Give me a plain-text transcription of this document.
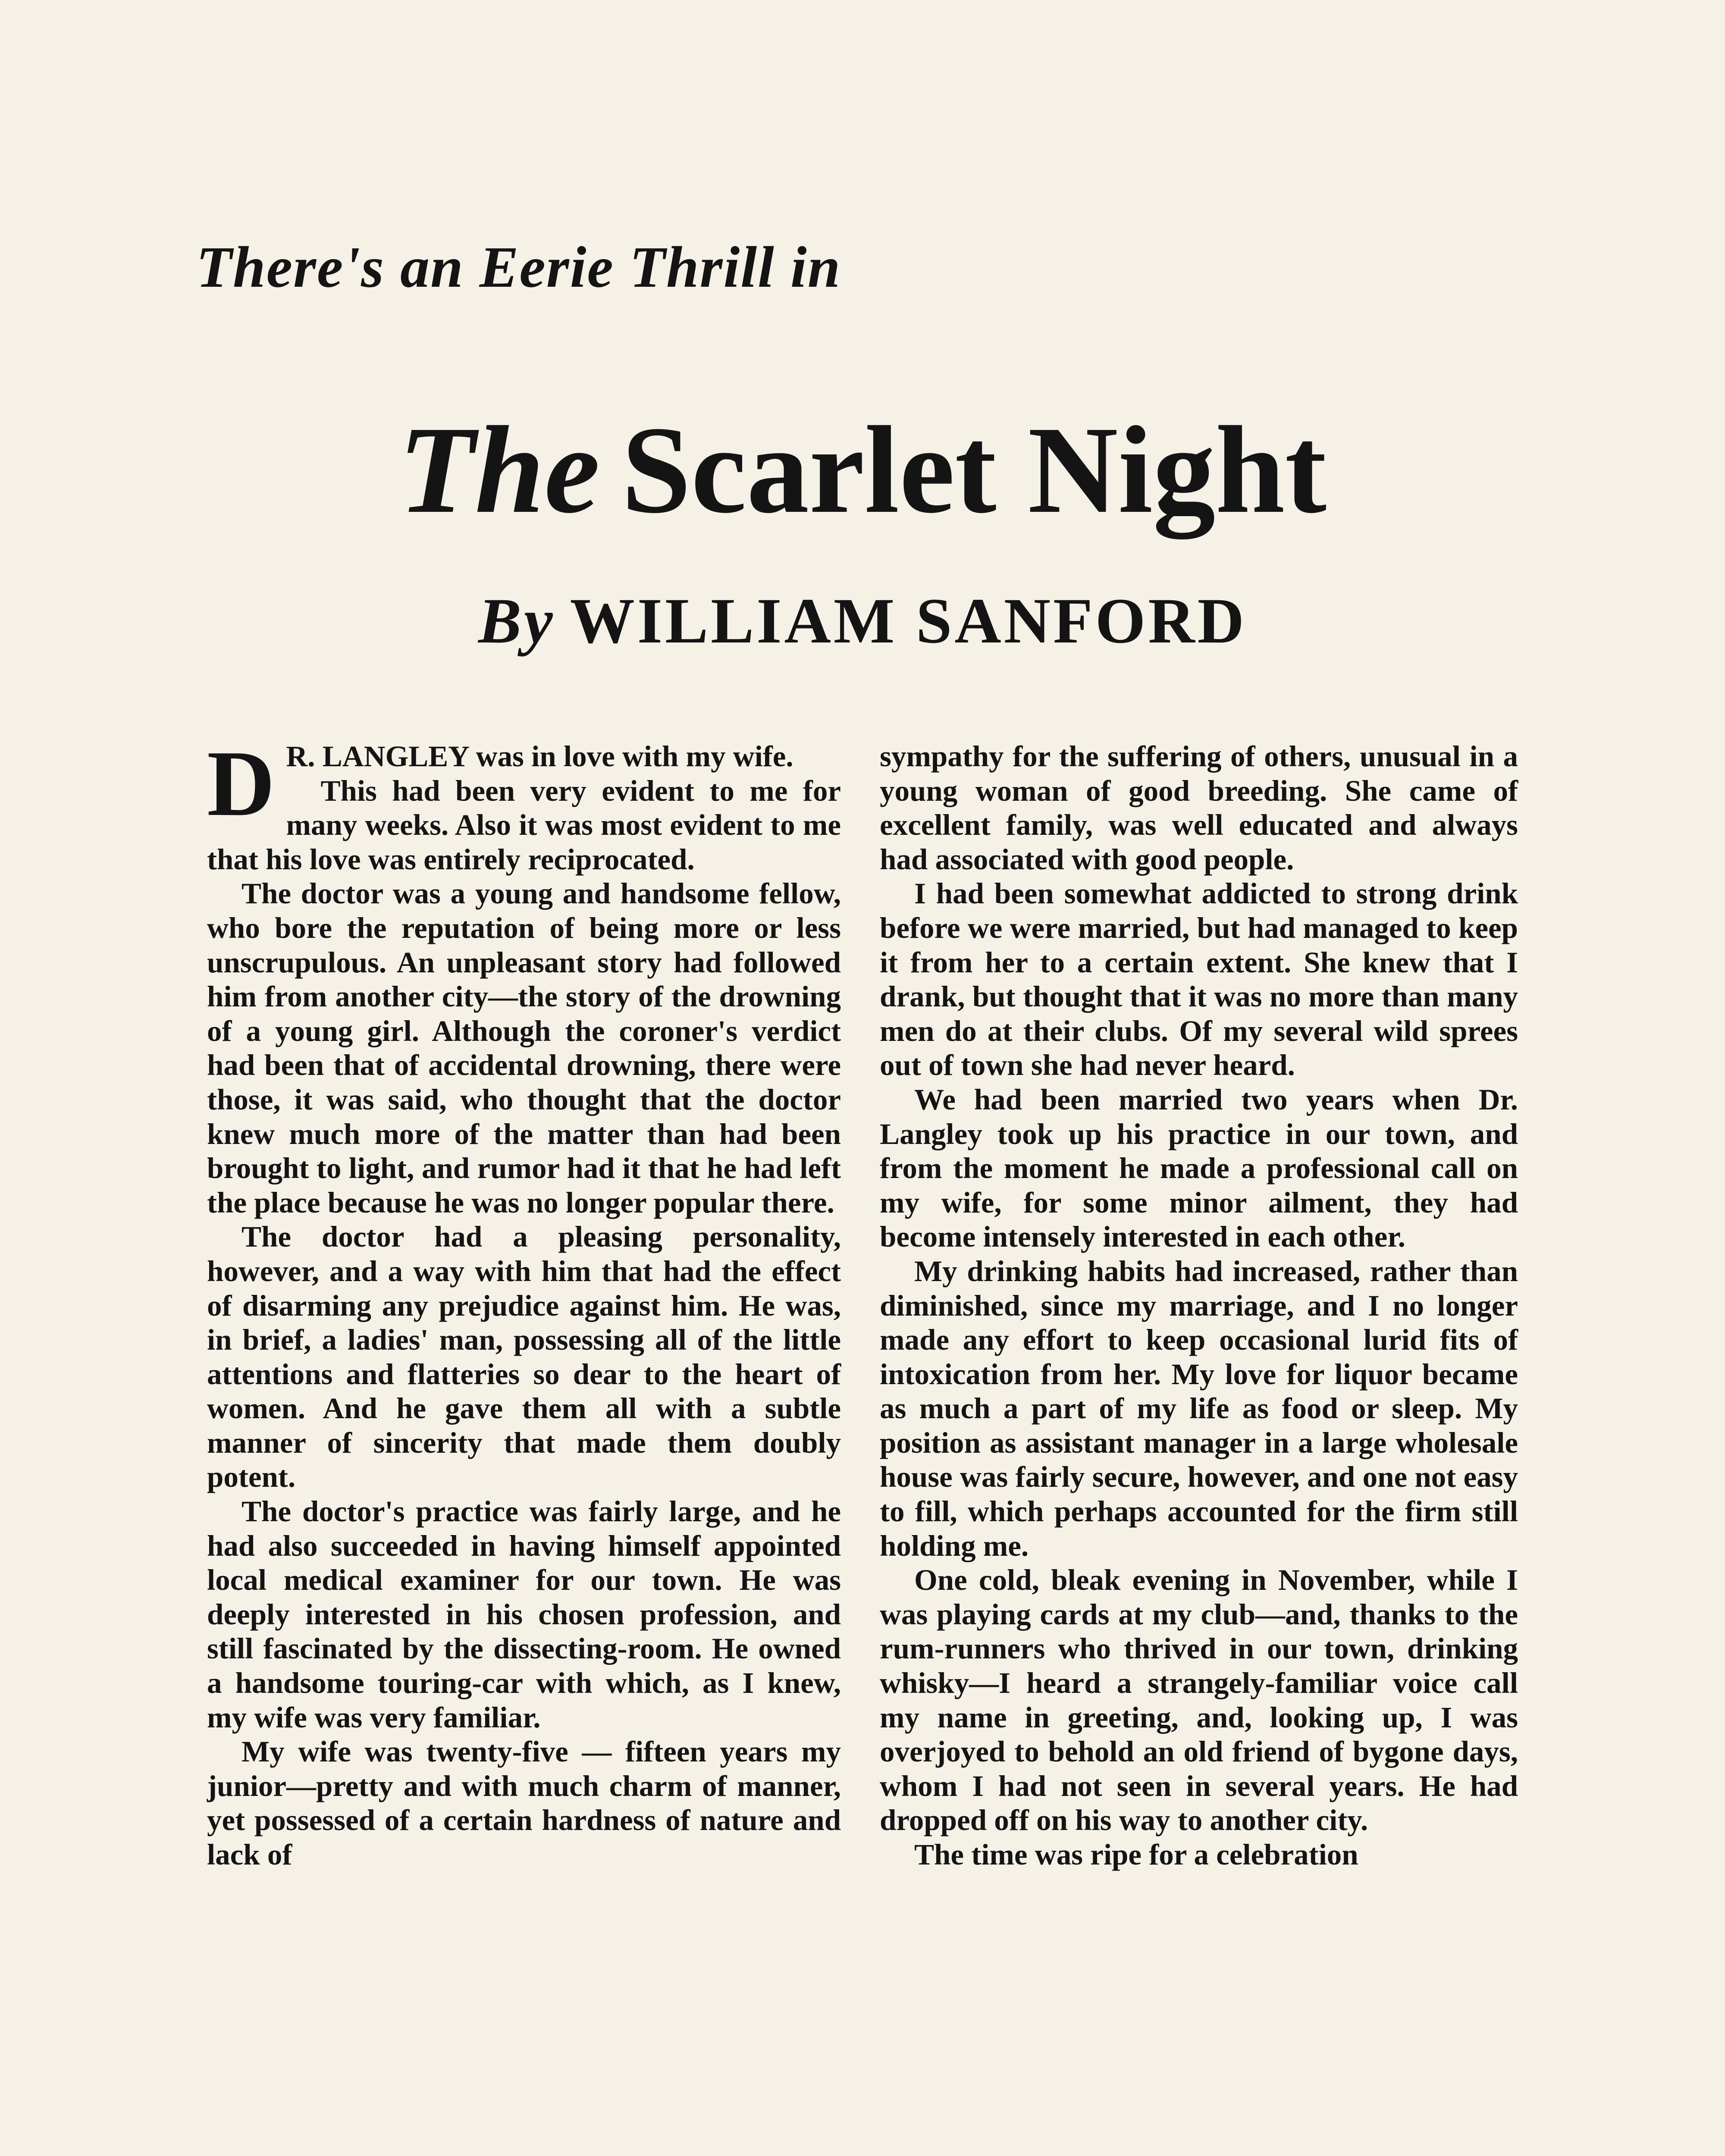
There's an Eerie Thrill in
The Scarlet Night
By WILLIAM SANFORD
D R. LANGLEY was in love with my wife.

This had been very evident to me for many weeks. Also it was most evident to me that his love was entirely reciprocated.

The doctor was a young and handsome fellow, who bore the reputation of being more or less unscrupulous. An unpleasant story had followed him from another city—the story of the drowning of a young girl. Although the coroner's verdict had been that of accidental drowning, there were those, it was said, who thought that the doctor knew much more of the matter than had been brought to light, and rumor had it that he had left the place because he was no longer popular there.

The doctor had a pleasing personality, however, and a way with him that had the effect of disarming any prejudice against him. He was, in brief, a ladies' man, possessing all of the little attentions and flatteries so dear to the heart of women. And he gave them all with a subtle manner of sincerity that made them doubly potent.

The doctor's practice was fairly large, and he had also succeeded in having himself appointed local medical examiner for our town. He was deeply interested in his chosen profession, and still fascinated by the dissecting-room. He owned a handsome touring-car with which, as I knew, my wife was very familiar.

My wife was twenty-five — fifteen years my junior—pretty and with much charm of manner, yet possessed of a certain hardness of nature and lack of

sympathy for the suffering of others, unusual in a young woman of good breeding. She came of excellent family, was well educated and always had associated with good people.

I had been somewhat addicted to strong drink before we were married, but had managed to keep it from her to a certain extent. She knew that I drank, but thought that it was no more than many men do at their clubs. Of my several wild sprees out of town she had never heard.

We had been married two years when Dr. Langley took up his practice in our town, and from the moment he made a professional call on my wife, for some minor ailment, they had become intensely interested in each other.

My drinking habits had increased, rather than diminished, since my marriage, and I no longer made any effort to keep occasional lurid fits of intoxication from her. My love for liquor became as much a part of my life as food or sleep. My position as assistant manager in a large wholesale house was fairly secure, however, and one not easy to fill, which perhaps accounted for the firm still holding me.

One cold, bleak evening in November, while I was playing cards at my club—and, thanks to the rum-runners who thrived in our town, drinking whisky—I heard a strangely-familiar voice call my name in greeting, and, looking up, I was overjoyed to behold an old friend of bygone days, whom I had not seen in several years. He had dropped off on his way to another city.

The time was ripe for a celebration
